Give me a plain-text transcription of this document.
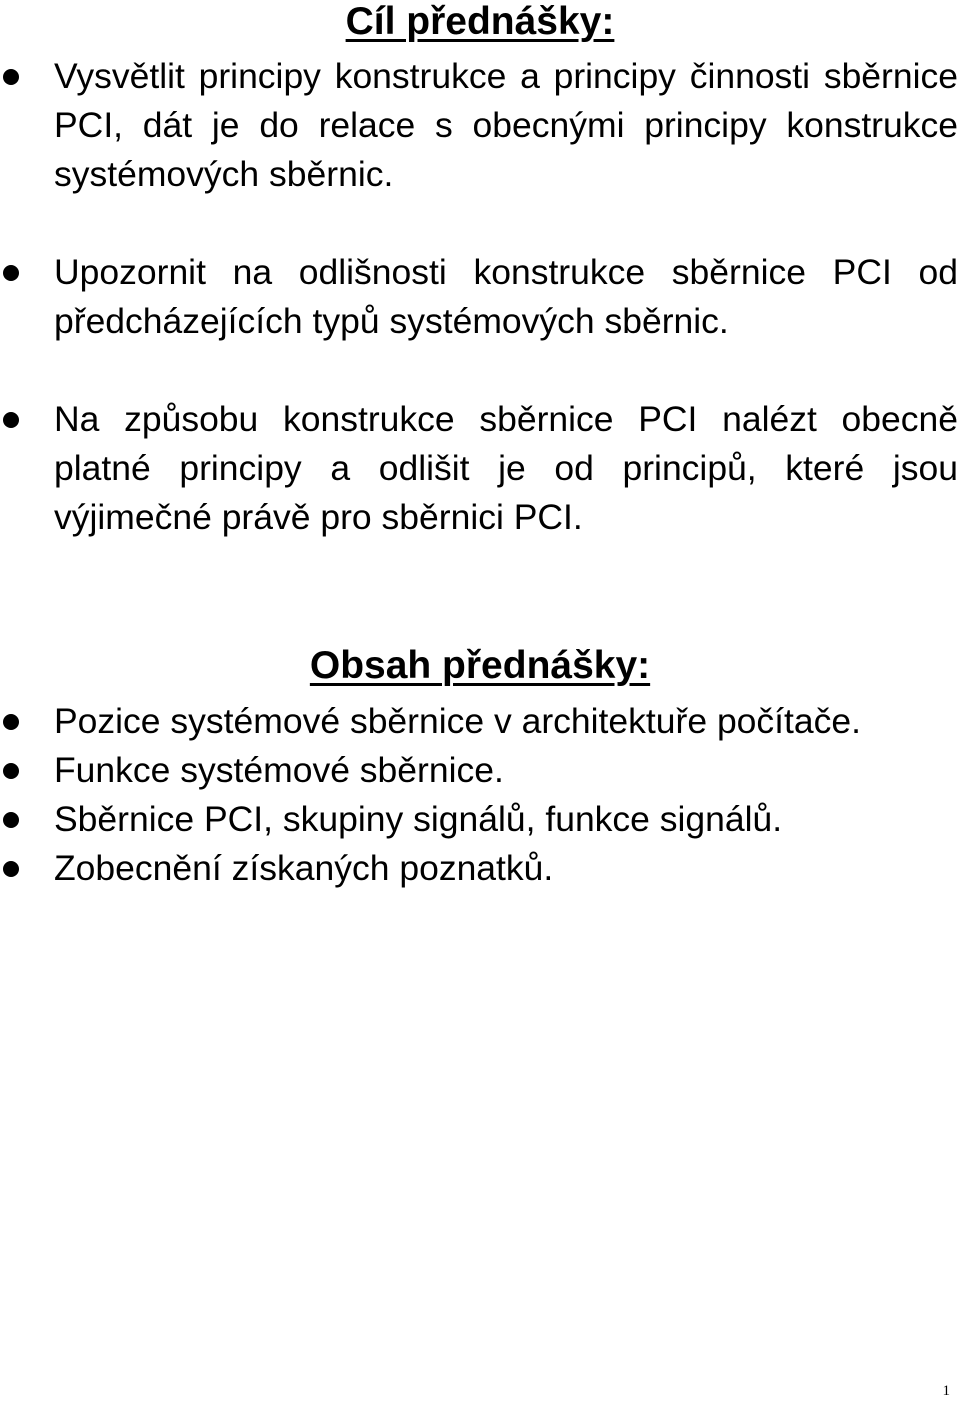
Cíl přednášky:
Vysvětlit principy konstrukce a principy činnosti sběrnice PCI, dát je do relace s obecnými principy konstrukce systémových sběrnic.
Upozornit na odlišnosti konstrukce sběrnice PCI od předcházejících typů systémových sběrnic.
Na způsobu konstrukce sběrnice PCI nalézt obecně platné principy a odlišit je od principů, které jsou výjimečné právě pro sběrnici PCI.
Obsah přednášky:
Pozice systémové sběrnice v architektuře počítače.
Funkce systémové sběrnice.
Sběrnice PCI, skupiny signálů, funkce signálů.
Zobecnění získaných poznatků.
1
